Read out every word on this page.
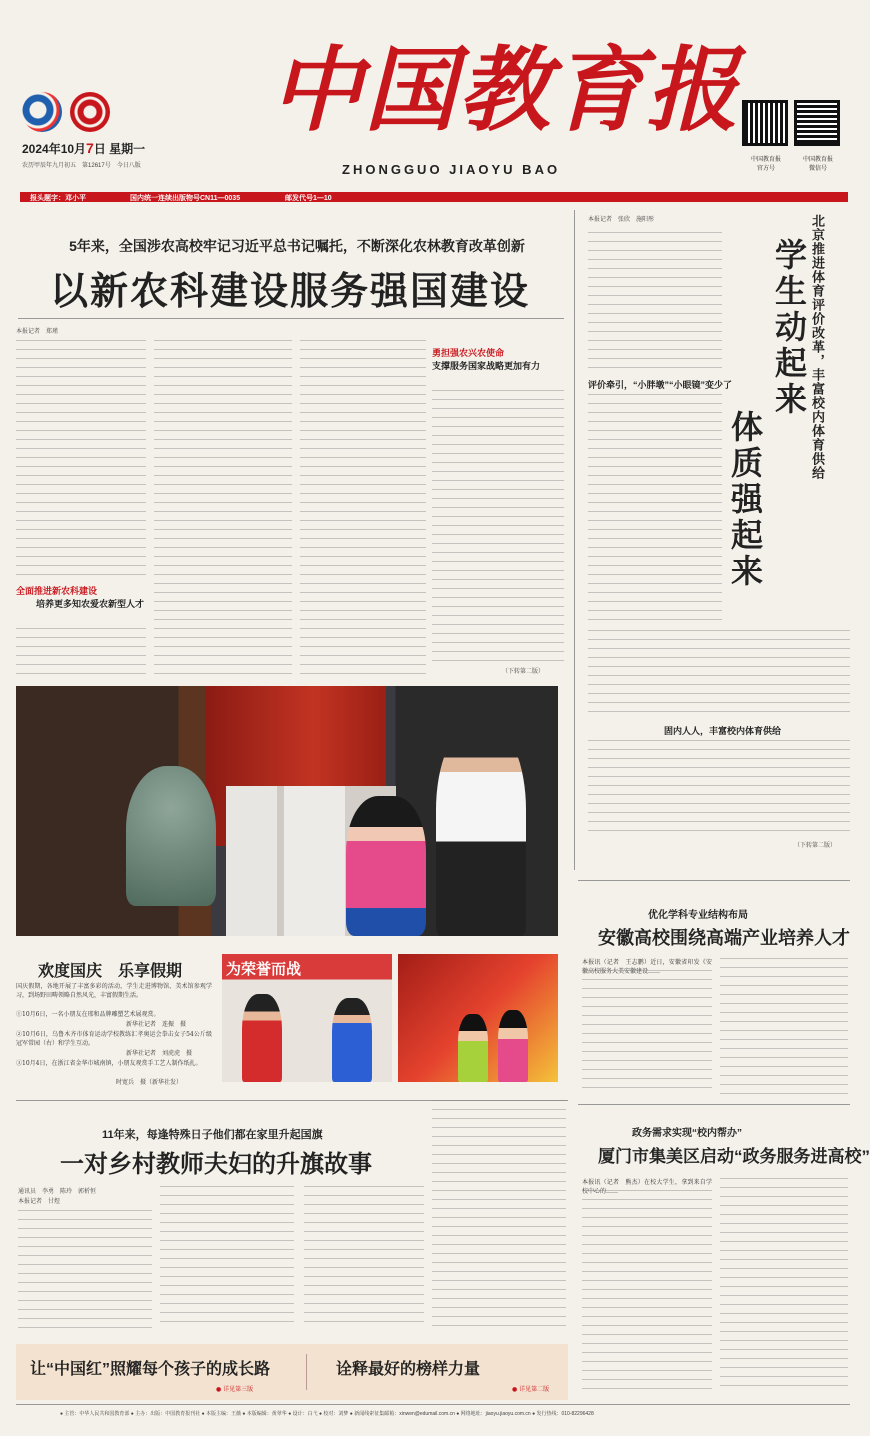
2024年10月7日 星期一
农历甲辰年九月初五　 第12617号　 今日八版
中国教育报
ZHONGGUO JIAOYU BAO
中国教育报
官方号
中国教育报
微信号
报头题字：邓小平	国内统一连续出版物号CN11—0035	邮发代号1—10
5年来，全国涉农高校牢记习近平总书记嘱托，不断深化农林教育改革创新
以新农科建设服务强国建设
本报记者　郑瑾
全面推进新农科建设
培养更多知农爱农新型人才
勇担强农兴农使命
支撑服务国家战略更加有力
（下转第二版）
本报记者　张欣　施阳彤	北京推进体育评价改革，丰富校内体育供给
学生动起来
体质强起来
评价牵引，“小胖墩”“小眼镜”变少了
固内人人，丰富校内体育供给
（下转第二版）
欢度国庆　乐享假期
国庆假期，各地开展了丰富多彩的活动，学生走进博物馆、美术馆参观学习，到场野田畴领略自然风光，丰富假期生活。
①10月6日，一名小朋友在邢和品牌雕塑艺术展观赏。
新华社记者　连振　摄
②10月6日，乌鲁木齐市体育运动学校教练汇孝奥运会拳击女子54公斤级冠军常园（右）和学生互动。
新华社记者　刘虎虎　摄
③10月4日，在浙江省金华市城南镇，小朋友观赏手工艺人制作纸扎。
时宽兵　摄（新华社发）
为荣誉而战
优化学科专业结构布局
安徽高校围绕高端产业培养人才
本报讯（记者　王志鹏）近日，安徽省印发《安徽高校服务大美安徽建设……
政务需求实现“校内帮办”
厦门市集美区启动“政务服务进高校”
本报讯（记者　熊杰）在校大学生，拿到来自学校中心的……
11年来，每逢特殊日子他们都在家里升起国旗
一对乡村教师夫妇的升旗故事
通讯员　李勇　陈玲　郭析恒
本报记者　甘煜
让“中国红”照耀每个孩子的成长路	诠释最好的榜样力量
● 详见第三版	● 详见第二版
● 主管：中华人民共和国教育部 ● 主办：出版：中国教育报刊社 ● 本版主编：王薇 ● 本版编辑：黄翠华 ● 设计：白弋 ● 校对：刘梦 ● 新闻线索征集邮箱：xinwen@edumail.com.cn ● 网络地址：jiaoyu.jiaoyu.com.cn ● 发行热线：010-82296428
